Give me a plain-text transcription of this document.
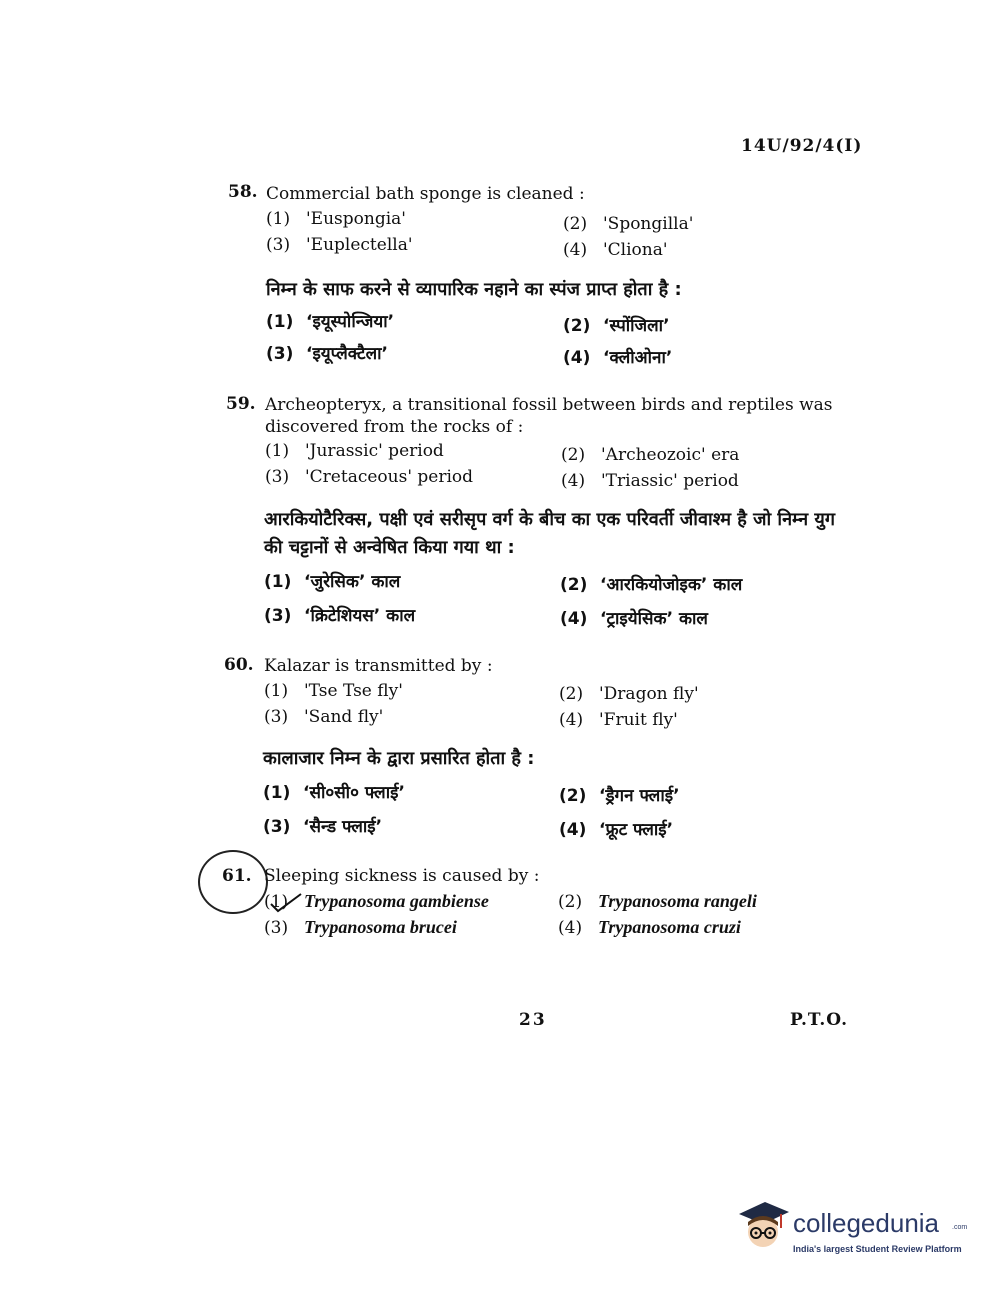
14U/92/4(I)
58. Commercial bath sponge is cleaned :
(1) 'Euspongia'	(2) 'Spongilla'
(3) 'Euplectella'	(4) 'Cliona'
निम्न के साफ करने से व्यापारिक नहाने का स्पंज प्राप्त होता है :
(1) ‘इयूस्पोन्जिया’	(2) ‘स्पोंजिला’
(3) ‘इयूप्लैक्टैला’	(4) ‘क्लीओना’
59. Archeopteryx, a transitional fossil between birds and reptiles was discovered from the rocks of :
(1) 'Jurassic' period	(2) 'Archeozoic' era
(3) 'Cretaceous' period	(4) 'Triassic' period
आरकियोटैरिक्स, पक्षी एवं सरीसृप वर्ग के बीच का एक परिवर्ती जीवाश्म है जो निम्न युग की चट्टानों से अन्वेषित किया गया था :
(1) ‘जुरेसिक’ काल	(2) ‘आरकियोजोइक’ काल
(3) ‘क्रिटेशियस’ काल	(4) ‘ट्राइयेसिक’ काल
60. Kalazar is transmitted by :
(1) 'Tse Tse fly'	(2) 'Dragon fly'
(3) 'Sand fly'	(4) 'Fruit fly'
कालाजार निम्न के द्वारा प्रसारित होता है :
(1) ‘सी०सी० फ्लाई’	(2) ‘ड्रैगन फ्लाई’
(3) ‘सैन्ड फ्लाई’	(4) ‘फ्रूट फ्लाई’
61. Sleeping sickness is caused by :
(1) Trypanosoma gambiense	(2) Trypanosoma rangeli
(3) Trypanosoma brucei	(4) Trypanosoma cruzi
23	P.T.O.
collegedunia .com
India's largest Student Review Platform
